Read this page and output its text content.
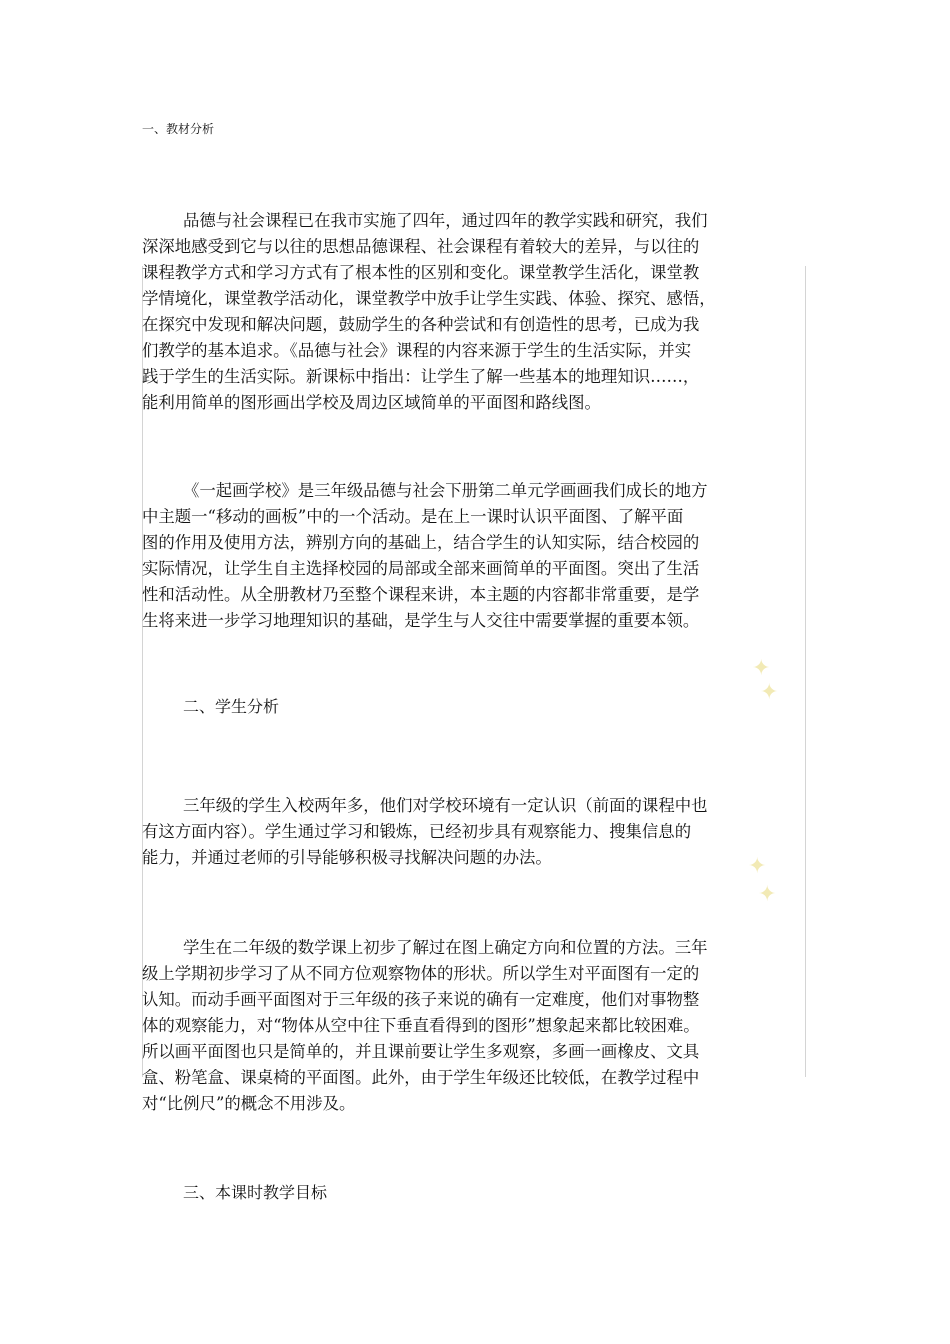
✦
✦
✦
✦
一、教材分析
品德与社会课程已在我市实施了四年，通过四年的教学实践和研究，我们
深深地感受到它与以往的思想品德课程、社会课程有着较大的差异，与以往的
课程教学方式和学习方式有了根本性的区别和变化。课堂教学生活化，课堂教
学情境化，课堂教学活动化，课堂教学中放手让学生实践、体验、探究、感悟，
在探究中发现和解决问题，鼓励学生的各种尝试和有创造性的思考，已成为我
们教学的基本追求。《品德与社会》课程的内容来源于学生的生活实际，并实
践于学生的生活实际。新课标中指出：让学生了解一些基本的地理知识……，
能利用简单的图形画出学校及周边区域简单的平面图和路线图。
《一起画学校》是三年级品德与社会下册第二单元学画画我们成长的地方
中主题一“移动的画板”中的一个活动。是在上一课时认识平面图、了解平面
图的作用及使用方法，辨别方向的基础上，结合学生的认知实际，结合校园的
实际情况，让学生自主选择校园的局部或全部来画简单的平面图。突出了生活
性和活动性。从全册教材乃至整个课程来讲，本主题的内容都非常重要，是学
生将来进一步学习地理知识的基础，是学生与人交往中需要掌握的重要本领。
二、学生分析
三年级的学生入校两年多，他们对学校环境有一定认识（前面的课程中也
有这方面内容）。学生通过学习和锻炼，已经初步具有观察能力、搜集信息的
能力，并通过老师的引导能够积极寻找解决问题的办法。
学生在二年级的数学课上初步了解过在图上确定方向和位置的方法。三年
级上学期初步学习了从不同方位观察物体的形状。所以学生对平面图有一定的
认知。而动手画平面图对于三年级的孩子来说的确有一定难度，他们对事物整
体的观察能力，对“物体从空中往下垂直看得到的图形”想象起来都比较困难。
所以画平面图也只是简单的，并且课前要让学生多观察，多画一画橡皮、文具
盒、粉笔盒、课桌椅的平面图。此外，由于学生年级还比较低，在教学过程中
对“比例尺”的概念不用涉及。
三、本课时教学目标
